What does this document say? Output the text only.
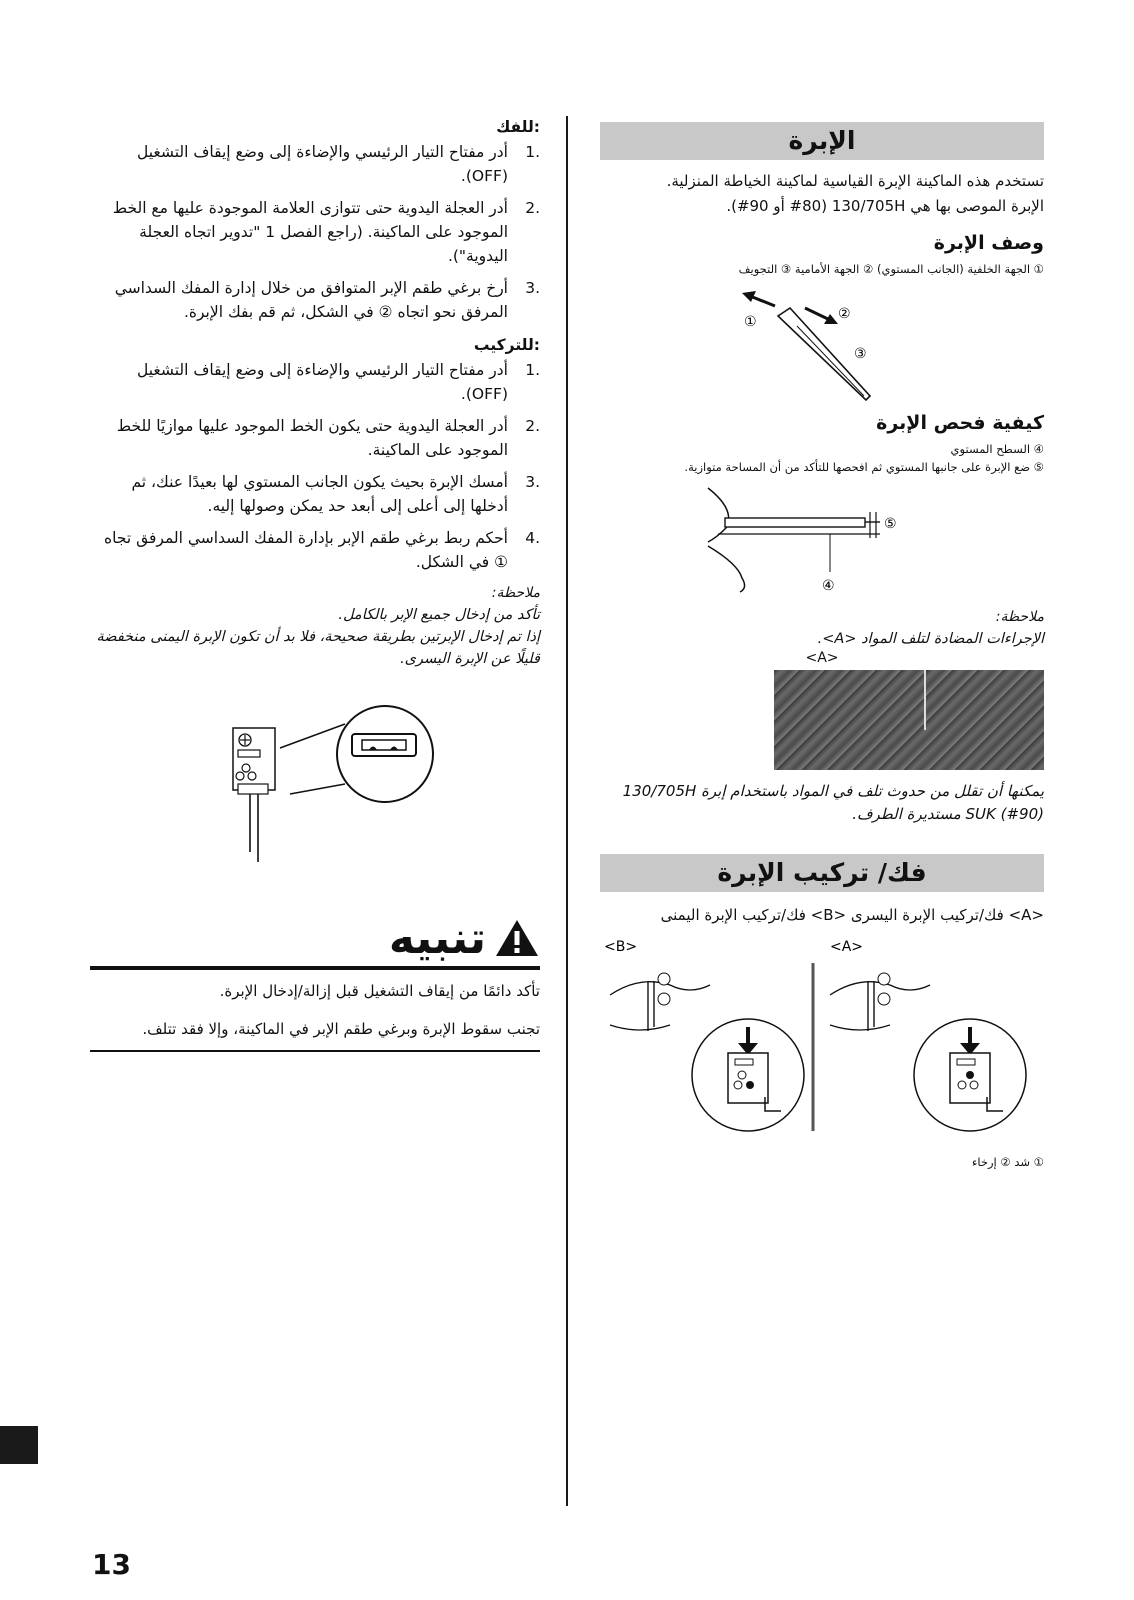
:للفك
.1
أدر مفتاح التيار الرئيسي والإضاءة إلى وضع إيقاف التشغيل (OFF).
.2
أدر العجلة اليدوية حتى تتوازى العلامة الموجودة عليها مع الخط الموجود على الماكينة. (راجع الفصل 1 "تدوير اتجاه العجلة اليدوية").
.3
أرخ برغي طقم الإبر المتوافق من خلال إدارة المفك السداسي المرفق نحو اتجاه ② في الشكل، ثم قم بفك الإبرة.
:للتركيب
.1
أدر مفتاح التيار الرئيسي والإضاءة إلى وضع إيقاف التشغيل (OFF).
.2
أدر العجلة اليدوية حتى يكون الخط الموجود عليها موازيًا للخط الموجود على الماكينة.
.3
أمسك الإبرة بحيث يكون الجانب المستوي لها بعيدًا عنك، ثم أدخلها إلى أعلى إلى أبعد حد يمكن وصولها إليه.
.4
أحكم ربط برغي طقم الإبر بإدارة المفك السداسي المرفق تجاه ① في الشكل.

ملاحظة:

تأكد من إدخال جميع الإبر بالكامل.

إذا تم إدخال الإبرتين بطريقة صحيحة، فلا بد أن تكون الإبرة اليمنى منخفضة قليلًا عن الإبرة اليسرى.

تنبيه

تأكد دائمًا من إيقاف التشغيل قبل إزالة/إدخال الإبرة.

تجنب سقوط الإبرة وبرغي طقم الإبر في الماكينة، وإلا فقد تتلف.

الإبرة

تستخدم هذه الماكينة الإبرة القياسية لماكينة الخياطة المنزلية.

الإبرة الموصى بها هي 130/705H (‎#80 أو ‎#90).

وصف الإبرة

① الجهة الخلفية (الجانب المستوي) ② الجهة الأمامية ③ التجويف

①	②
③
كيفية فحص الإبرة

④ السطح المستوي

⑤ ضع الإبرة على جانبها المستوي ثم افحصها للتأكد من أن المساحة متوازية.

⑤
④

ملاحظة:

الإجراءات المضادة لتلف المواد <A>.

<A>

يمكنها أن تقلل من حدوث تلف في المواد باستخدام إبرة 130/705H SUK (‎#90) مستديرة الطرف.

فك/ تركيب الإبرة

<A> فك/تركيب الإبرة اليسرى <B> فك/تركيب الإبرة اليمنى

<B>	<A>

① شد ② إرخاء

13
